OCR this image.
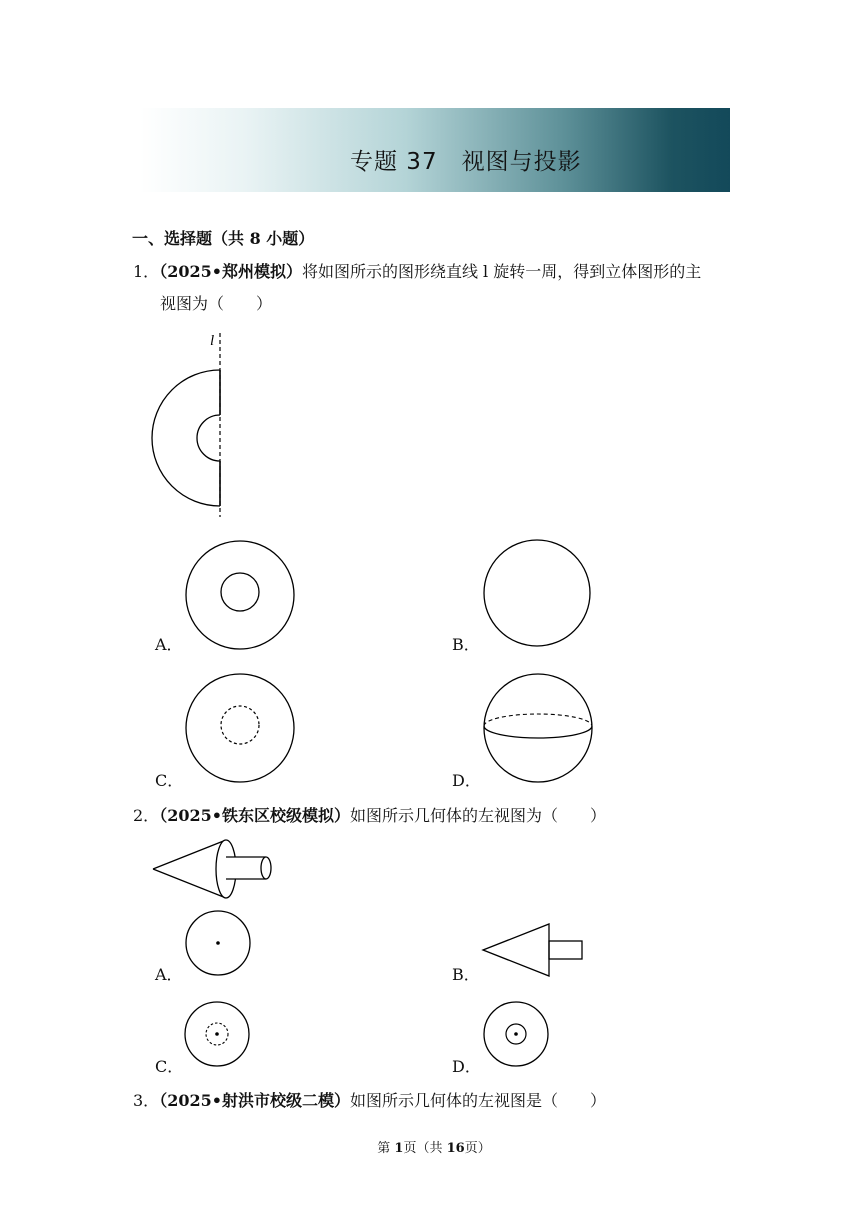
专题 37　视图与投影
一、选择题（共 8 小题）
1．（2025•郑州模拟）将如图所示的图形绕直线 l 旋转一周，得到立体图形的主
视图为（　　）
l
A．	B．
C．	D．
2．（2025•铁东区校级模拟）如图所示几何体的左视图为（　　）
A．	B．
C．	D．
3．（2025•射洪市校级二模）如图所示几何体的左视图是（　　）
第 1页（共 16页）
